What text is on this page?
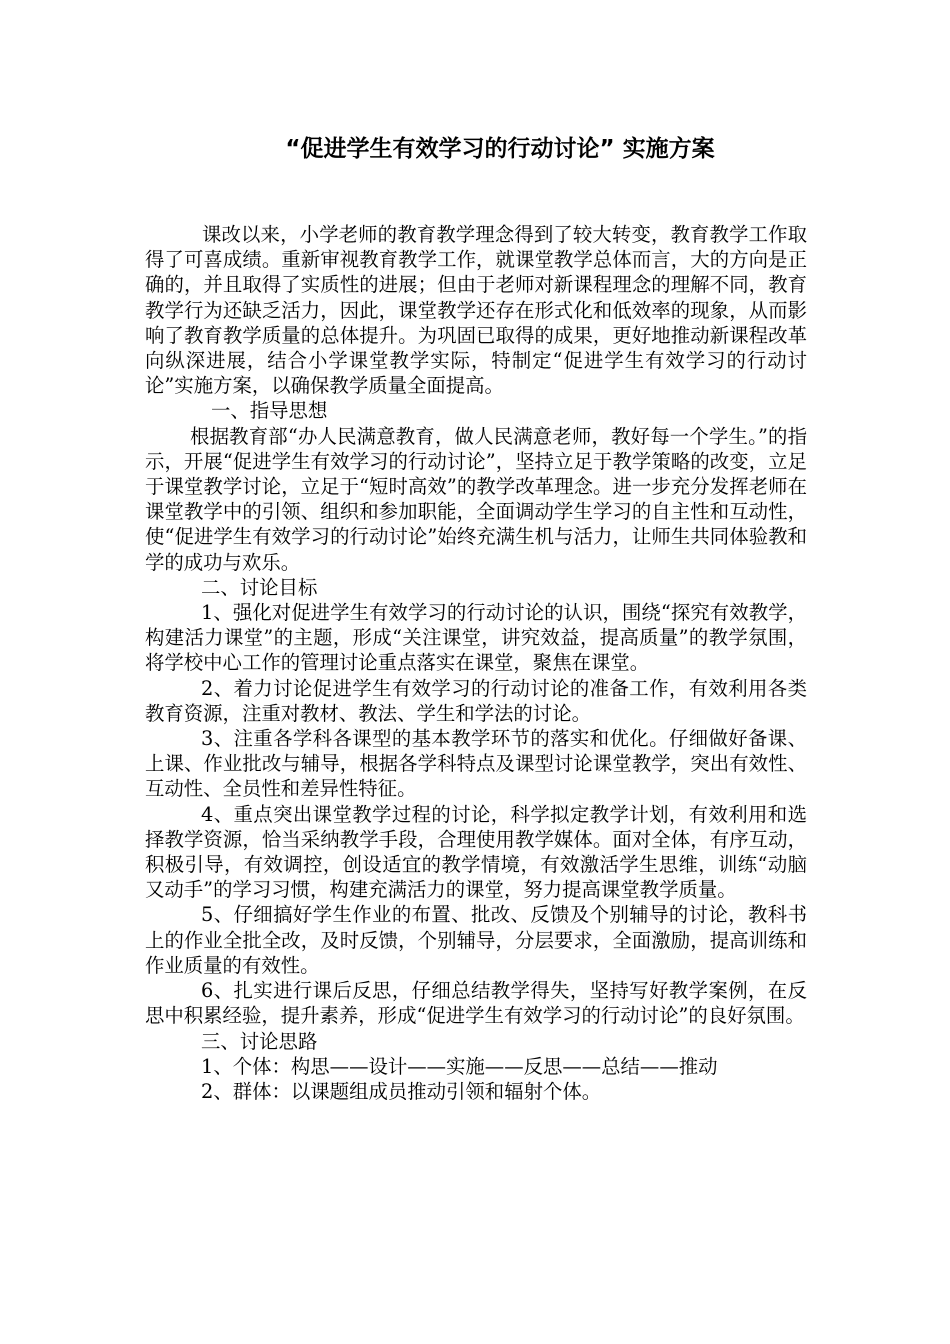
“促进学生有效学习的行动讨论” 实施方案

课改以来，小学老师的教育教学理念得到了较大转变，教育教学工作取得了可喜成绩。重新审视教育教学工作，就课堂教学总体而言，大的方向是正确的，并且取得了实质性的进展；但由于老师对新课程理念的理解不同，教育教学行为还缺乏活力，因此，课堂教学还存在形式化和低效率的现象，从而影响了教育教学质量的总体提升。为巩固已取得的成果，更好地推动新课程改革向纵深进展，结合小学课堂教学实际，特制定“促进学生有效学习的行动讨论”实施方案，以确保教学质量全面提高。

一、指导思想

根据教育部“办人民满意教育，做人民满意老师，教好每一个学生。”的指示，开展“促进学生有效学习的行动讨论”，坚持立足于教学策略的改变，立足于课堂教学讨论，立足于“短时高效”的教学改革理念。进一步充分发挥老师在课堂教学中的引领、组织和参加职能，全面调动学生学习的自主性和互动性，使“促进学生有效学习的行动讨论”始终充满生机与活力，让师生共同体验教和学的成功与欢乐。

二、讨论目标

1、强化对促进学生有效学习的行动讨论的认识，围绕“探究有效教学，构建活力课堂”的主题，形成“关注课堂，讲究效益，提高质量”的教学氛围，将学校中心工作的管理讨论重点落实在课堂，聚焦在课堂。

2、着力讨论促进学生有效学习的行动讨论的准备工作，有效利用各类教育资源，注重对教材、教法、学生和学法的讨论。

3、注重各学科各课型的基本教学环节的落实和优化。仔细做好备课、上课、作业批改与辅导，根据各学科特点及课型讨论课堂教学，突出有效性、互动性、全员性和差异性特征。

4、重点突出课堂教学过程的讨论，科学拟定教学计划，有效利用和选择教学资源，恰当采纳教学手段，合理使用教学媒体。面对全体，有序互动，积极引导，有效调控，创设适宜的教学情境，有效激活学生思维，训练“动脑又动手”的学习习惯，构建充满活力的课堂，努力提高课堂教学质量。

5、仔细搞好学生作业的布置、批改、反馈及个别辅导的讨论，教科书上的作业全批全改，及时反馈，个别辅导，分层要求，全面激励，提高训练和作业质量的有效性。

6、扎实进行课后反思，仔细总结教学得失，坚持写好教学案例，在反思中积累经验，提升素养，形成“促进学生有效学习的行动讨论”的良好氛围。

三、讨论思路

1、个体：构思——设计——实施——反思——总结——推动

2、群体：以课题组成员推动引领和辐射个体。
